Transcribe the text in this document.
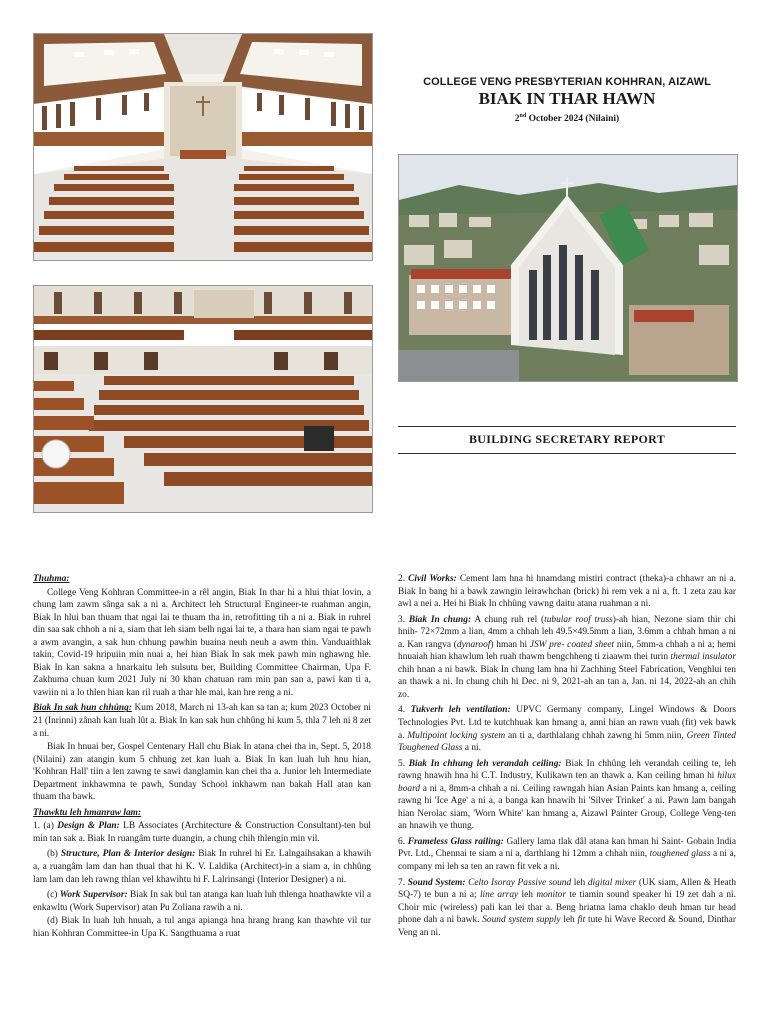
COLLEGE VENG PRESBYTERIAN KOHHRAN, AIZAWL
BIAK IN THAR HAWN
2nd October 2024 (Nilaini)
BUILDING SECRETARY REPORT

Thuhma:

College Veng Kohhran Committee-in a rêl angin, Biak In thar hi a hlui thiat lovin, a chung lam zawm sânga sak a ni a. Architect leh Structural Engineer-te ruahman angin, Biak In hlui ban thuam that ngai lai te thuam tha in, retrofitting tih a ni a. Biak in ruhrel din saa sak chhoh a ni a, siam that leh siam belh ngai lai te, a thara han siam ngai te pawh a awm avangin, a sak hun chhung pawhin buaina neuh neuh a awm thin. Vanduaithlak takin, Covid-19 hripuiin min nuai a, hei hian Biak In sak mek pawh min nghawng hle. Biak In kan sakna a hnarkaitu leh sulsutu ber, Building Committee Chairman, Upa F. Zakhuma chuan kum 2021 July ni 30 khan chatuan ram min pan san a, pawi kan ti a, vawiin ni a lo thlen hian kan ril ruah a thar hle mai, kan hre reng a ni.

Biak In sak hun chhûng: Kum 2018, March ni 13-ah kan sa tan a; kum 2023 October ni 21 (Inrinni) zânah kan luah lût a. Biak In kan sak hun chhûng hi kum 5, thla 7 leh ni 8 zet a ni.

Biak In hnuai ber, Gospel Centenary Hall chu Biak In atana chei tha in, Sept. 5, 2018 (Nilaini) zan atangin kum 5 chhung zet kan luah a. Biak In kan luah luh hnu hian, 'Kohhran Hall' tiin a len zawng te sawi danglamin kan chei tha a. Junior leh Intermediate Department inkhawmna te pawh, Sunday School inkhawm nan bakah Hall atan kan thuam tha bawk.

Thawktu leh hmanraw lam:

1. (a) Design & Plan: LB Associates (Architecture & Construction Consultant)-ten bul min tan sak a. Biak In ruangâm turte duangin, a chung chih thlengin min vil.

(b) Structure, Plan & Interior design: Biak In ruhrel hi Er. Lalngaihsakan a khawih a, a ruangâm lam dan han thual that hi K. V. Laldika (Architect)-in a siam a, in chhûng lam lam dan leh rawng thlan vel khawihtu hi F. Lalrinsangi (Interior Designer) a ni.

(c) Work Supervisor: Biak In sak bul tan atanga kan luah luh thlenga hnathawkte vil a enkawltu (Work Supervisor) atan Pu Zoliana rawih a ni.

(d) Biak In luah luh hnuah, a tul anga apianga hna hrang hrang kan thawhte vil tur hian Kohhran Committee-in Upa K. Sangthuama a ruat

2. Civil Works: Cement lam hna hi hnamdang mistiri contract (theka)-a chhawr an ni a. Biak In bang hi a bawk zawngin leirawhchan (brick) hi rem vek a ni a, ft. 1 zeta zau kar awl a nei a. Hei hi Biak In chhûng vawng daitu atana ruahman a ni.

3. Biak In chung: A chung ruh rel (tubular roof truss)-ah hian, Nezone siam thir chi hnih- 72×72mm a lian, 4mm a chhah leh 49.5×49.5mm a lian, 3.6mm a chhah hman a ni a. Kan rangva (dynaroof) hman hi JSW pre- coated sheet niin, 5mm-a chhah a ni a; hemi hnuaiah hian khawlum leh ruah thawm bengchheng ti ziaawm thei turin thermal insulator chih hnan a ni bawk. Biak In chung lam hna hi Zachhing Steel Fabrication, Venghlui ten an thawk a ni. In chung chih hi Dec. ni 9, 2021-ah an tan a, Jan. ni 14, 2022-ah an chih zo.

4. Tukverh leh ventilation: UPVC Germany company, Lingel Windows & Doors Technologies Pvt. Ltd te kutchhuak kan hmang a, anni hian an rawn vuah (fit) vek bawk a. Multipoint locking system an ti a, darthlalang chhah zawng hi 5mm niin, Green Tinted Toughened Glass a ni.

5. Biak In chhung leh verandah ceiling: Biak In chhûng leh verandah ceiling te, leh rawng hnawih hna hi C.T. Industry, Kulikawn ten an thawk a. Kan ceiling hman hi hilux board a ni a, 8mm-a chhah a ni. Ceiling rawngah hian Asian Paints kan hmang a, ceiling rawng hi 'Ice Age' a ni a, a banga kan hnawih hi 'Silver Trinket' a ni. Pawn lam bangah hian Nerolac siam, 'Worn White' kan hmang a, Aizawl Painter Group, College Veng-ten an hnawih ve thung.

6. Frameless Glass railing: Gallery lama tlak dâl atana kan hman hi Saint- Gobain India Pvt. Ltd., Chennai te siam a ni a, darthlang hi 12mm a chhah niin, toughened glass a ni a, company mi leh sa ten an rawn fit vek a ni.

7. Sound System: Celto Isoray Passive sound leh digital mixer (UK siam, Allen & Heath SQ-7) te bun a ni a; line array leh monitor te tiamin sound speaker hi 19 zet dah a ni. Choir mic (wireless) pali kan lei thar a. Beng hriatna lama chaklo deuh hman tur head phone dah a ni bawk. Sound system supply leh fit tute hi Wave Record & Sound, Dinthar Veng an ni.
